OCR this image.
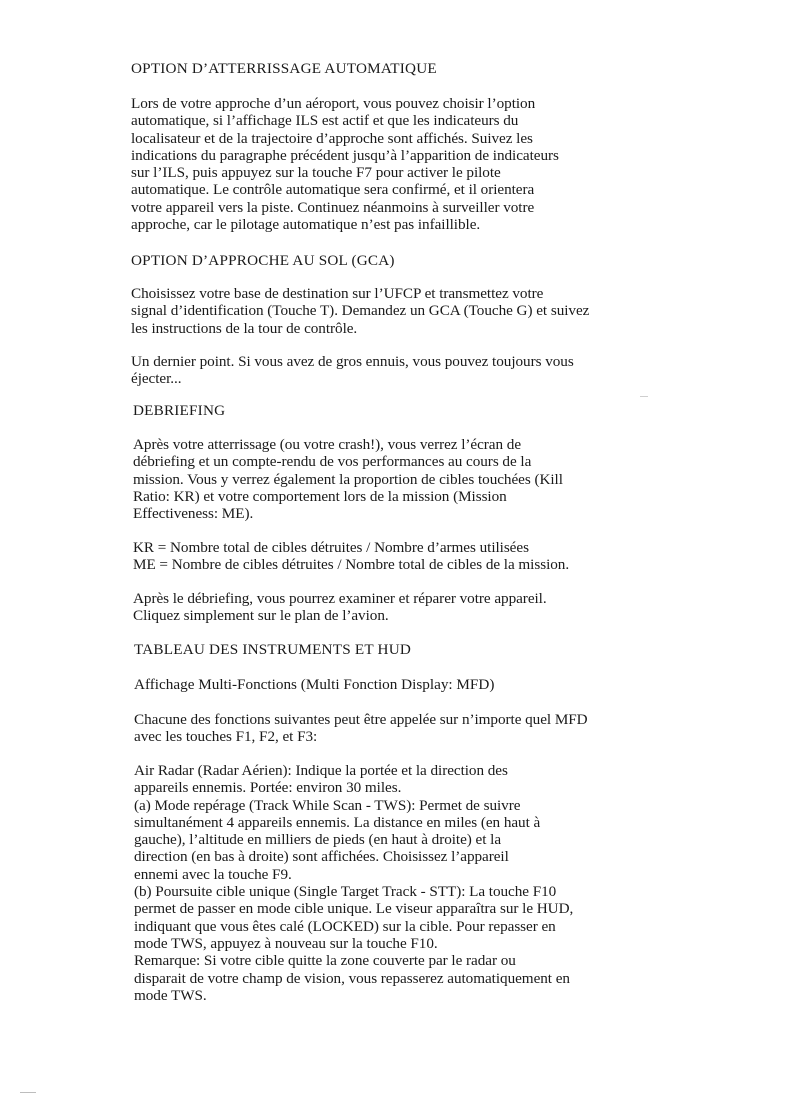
OPTION D’ATTERRISSAGE AUTOMATIQUE
Lors de votre approche d’un aéroport, vous pouvez choisir l’option
automatique, si l’affichage ILS est actif et que les indicateurs du
localisateur et de la trajectoire d’approche sont affichés. Suivez les
indications du paragraphe précédent jusqu’à l’apparition de indicateurs
sur l’ILS, puis appuyez sur la touche F7 pour activer le pilote
automatique. Le contrôle automatique sera confirmé, et il orientera
votre appareil vers la piste. Continuez néanmoins à surveiller votre
approche, car le pilotage automatique n’est pas infaillible.
OPTION D’APPROCHE AU SOL (GCA)
Choisissez votre base de destination sur l’UFCP et transmettez votre
signal d’identification (Touche T). Demandez un GCA (Touche G) et suivez
les instructions de la tour de contrôle.
Un dernier point. Si vous avez de gros ennuis, vous pouvez toujours vous
éjecter...
DEBRIEFING
Après votre atterrissage (ou votre crash!), vous verrez l’écran de
débriefing et un compte-rendu de vos performances au cours de la
mission. Vous y verrez également la proportion de cibles touchées (Kill
Ratio: KR) et votre comportement lors de la mission (Mission
Effectiveness: ME).
KR = Nombre total de cibles détruites / Nombre d’armes utilisées
ME = Nombre de cibles détruites / Nombre total de cibles de la mission.
Après le débriefing, vous pourrez examiner et réparer votre appareil.
Cliquez simplement sur le plan de l’avion.
TABLEAU DES INSTRUMENTS ET HUD
Affichage Multi-Fonctions (Multi Fonction Display: MFD)
Chacune des fonctions suivantes peut être appelée sur n’importe quel MFD
avec les touches F1, F2, et F3:
Air Radar (Radar Aérien): Indique la portée et la direction des
appareils ennemis. Portée: environ 30 miles.
(a) Mode repérage (Track While Scan - TWS): Permet de suivre
simultanément 4 appareils ennemis. La distance en miles (en haut à
gauche), l’altitude en milliers de pieds (en haut à droite) et la
direction (en bas à droite) sont affichées. Choisissez l’appareil
ennemi avec la touche F9.
(b) Poursuite cible unique (Single Target Track - STT): La touche F10
permet de passer en mode cible unique. Le viseur apparaîtra sur le HUD,
indiquant que vous êtes calé (LOCKED) sur la cible. Pour repasser en
mode TWS, appuyez à nouveau sur la touche F10.
Remarque: Si votre cible quitte la zone couverte par le radar ou
disparait de votre champ de vision, vous repasserez automatiquement en
mode TWS.
